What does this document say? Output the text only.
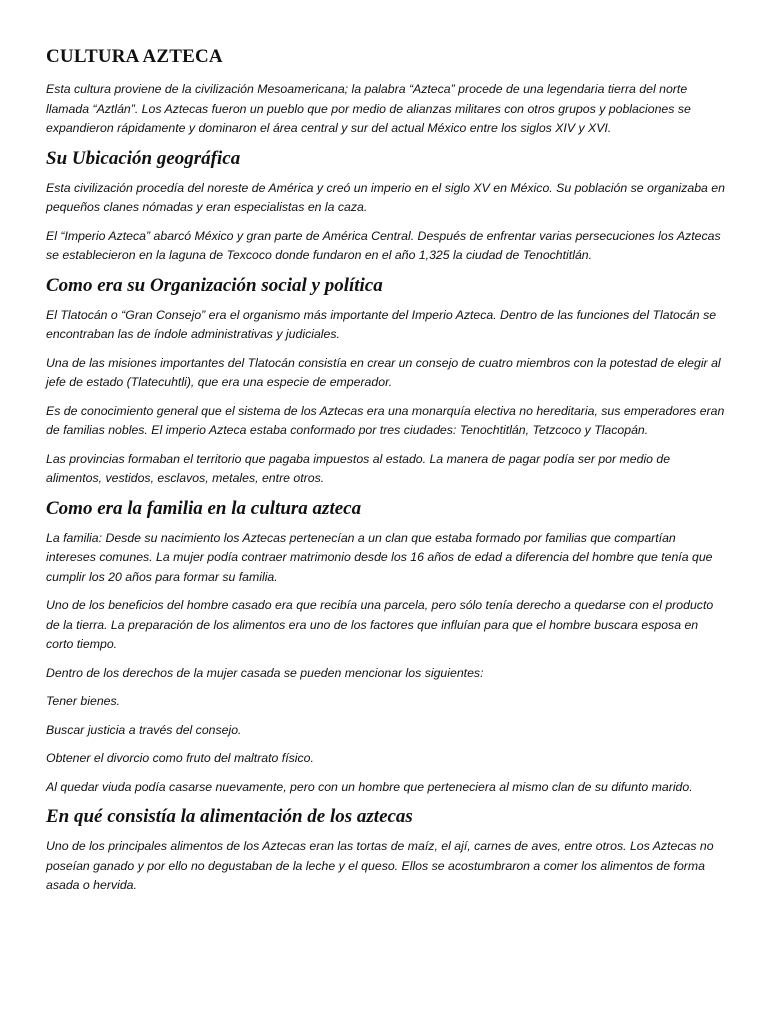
CULTURA AZTECA

Esta cultura proviene de la civilización Mesoamericana; la palabra “Azteca” procede de una legendaria tierra del norte llamada “Aztlán”. Los Aztecas fueron un pueblo que por medio de alianzas militares con otros grupos y poblaciones se expandieron rápidamente y dominaron el área central y sur del actual México entre los siglos XIV y XVI.

Su Ubicación geográfica

Esta civilización procedía del noreste de América y creó un imperio en el siglo XV en México. Su población se organizaba en pequeños clanes nómadas y eran especialistas en la caza.

El “Imperio Azteca” abarcó México y gran parte de América Central. Después de enfrentar varias persecuciones los Aztecas se establecieron en la laguna de Texcoco donde fundaron en el año 1,325 la ciudad de Tenochtitlán.

Como era su Organización social y política

El Tlatocán o “Gran Consejo” era el organismo más importante del Imperio Azteca. Dentro de las funciones del Tlatocán se encontraban las de índole administrativas y judiciales.

Una de las misiones importantes del Tlatocán consistía en crear un consejo de cuatro miembros con la potestad de elegir al jefe de estado (Tlatecuhtli), que era una especie de emperador.

Es de conocimiento general que el sistema de los Aztecas era una monarquía electiva no hereditaria, sus emperadores eran de familias nobles. El imperio Azteca estaba conformado por tres ciudades: Tenochtitlán, Tetzcoco y Tlacopán.

Las provincias formaban el territorio que pagaba impuestos al estado. La manera de pagar podía ser por medio de alimentos, vestidos, esclavos, metales, entre otros.

Como era la familia en la cultura azteca

La familia: Desde su nacimiento los Aztecas pertenecían a un clan que estaba formado por familias que compartían intereses comunes. La mujer podía contraer matrimonio desde los 16 años de edad a diferencia del hombre que tenía que cumplir los 20 años para formar su familia.

Uno de los beneficios del hombre casado era que recibía una parcela, pero sólo tenía derecho a quedarse con el producto de la tierra. La preparación de los alimentos era uno de los factores que influían para que el hombre buscara esposa en corto tiempo.

Dentro de los derechos de la mujer casada se pueden mencionar los siguientes:

Tener bienes.

Buscar justicia a través del consejo.

Obtener el divorcio como fruto del maltrato físico.

Al quedar viuda podía casarse nuevamente, pero con un hombre que perteneciera al mismo clan de su difunto marido.

En qué consistía la alimentación de los aztecas

Uno de los principales alimentos de los Aztecas eran las tortas de maíz, el ají, carnes de aves, entre otros. Los Aztecas no poseían ganado y por ello no degustaban de la leche y el queso. Ellos se acostumbraron a comer los alimentos de forma asada o hervida.
